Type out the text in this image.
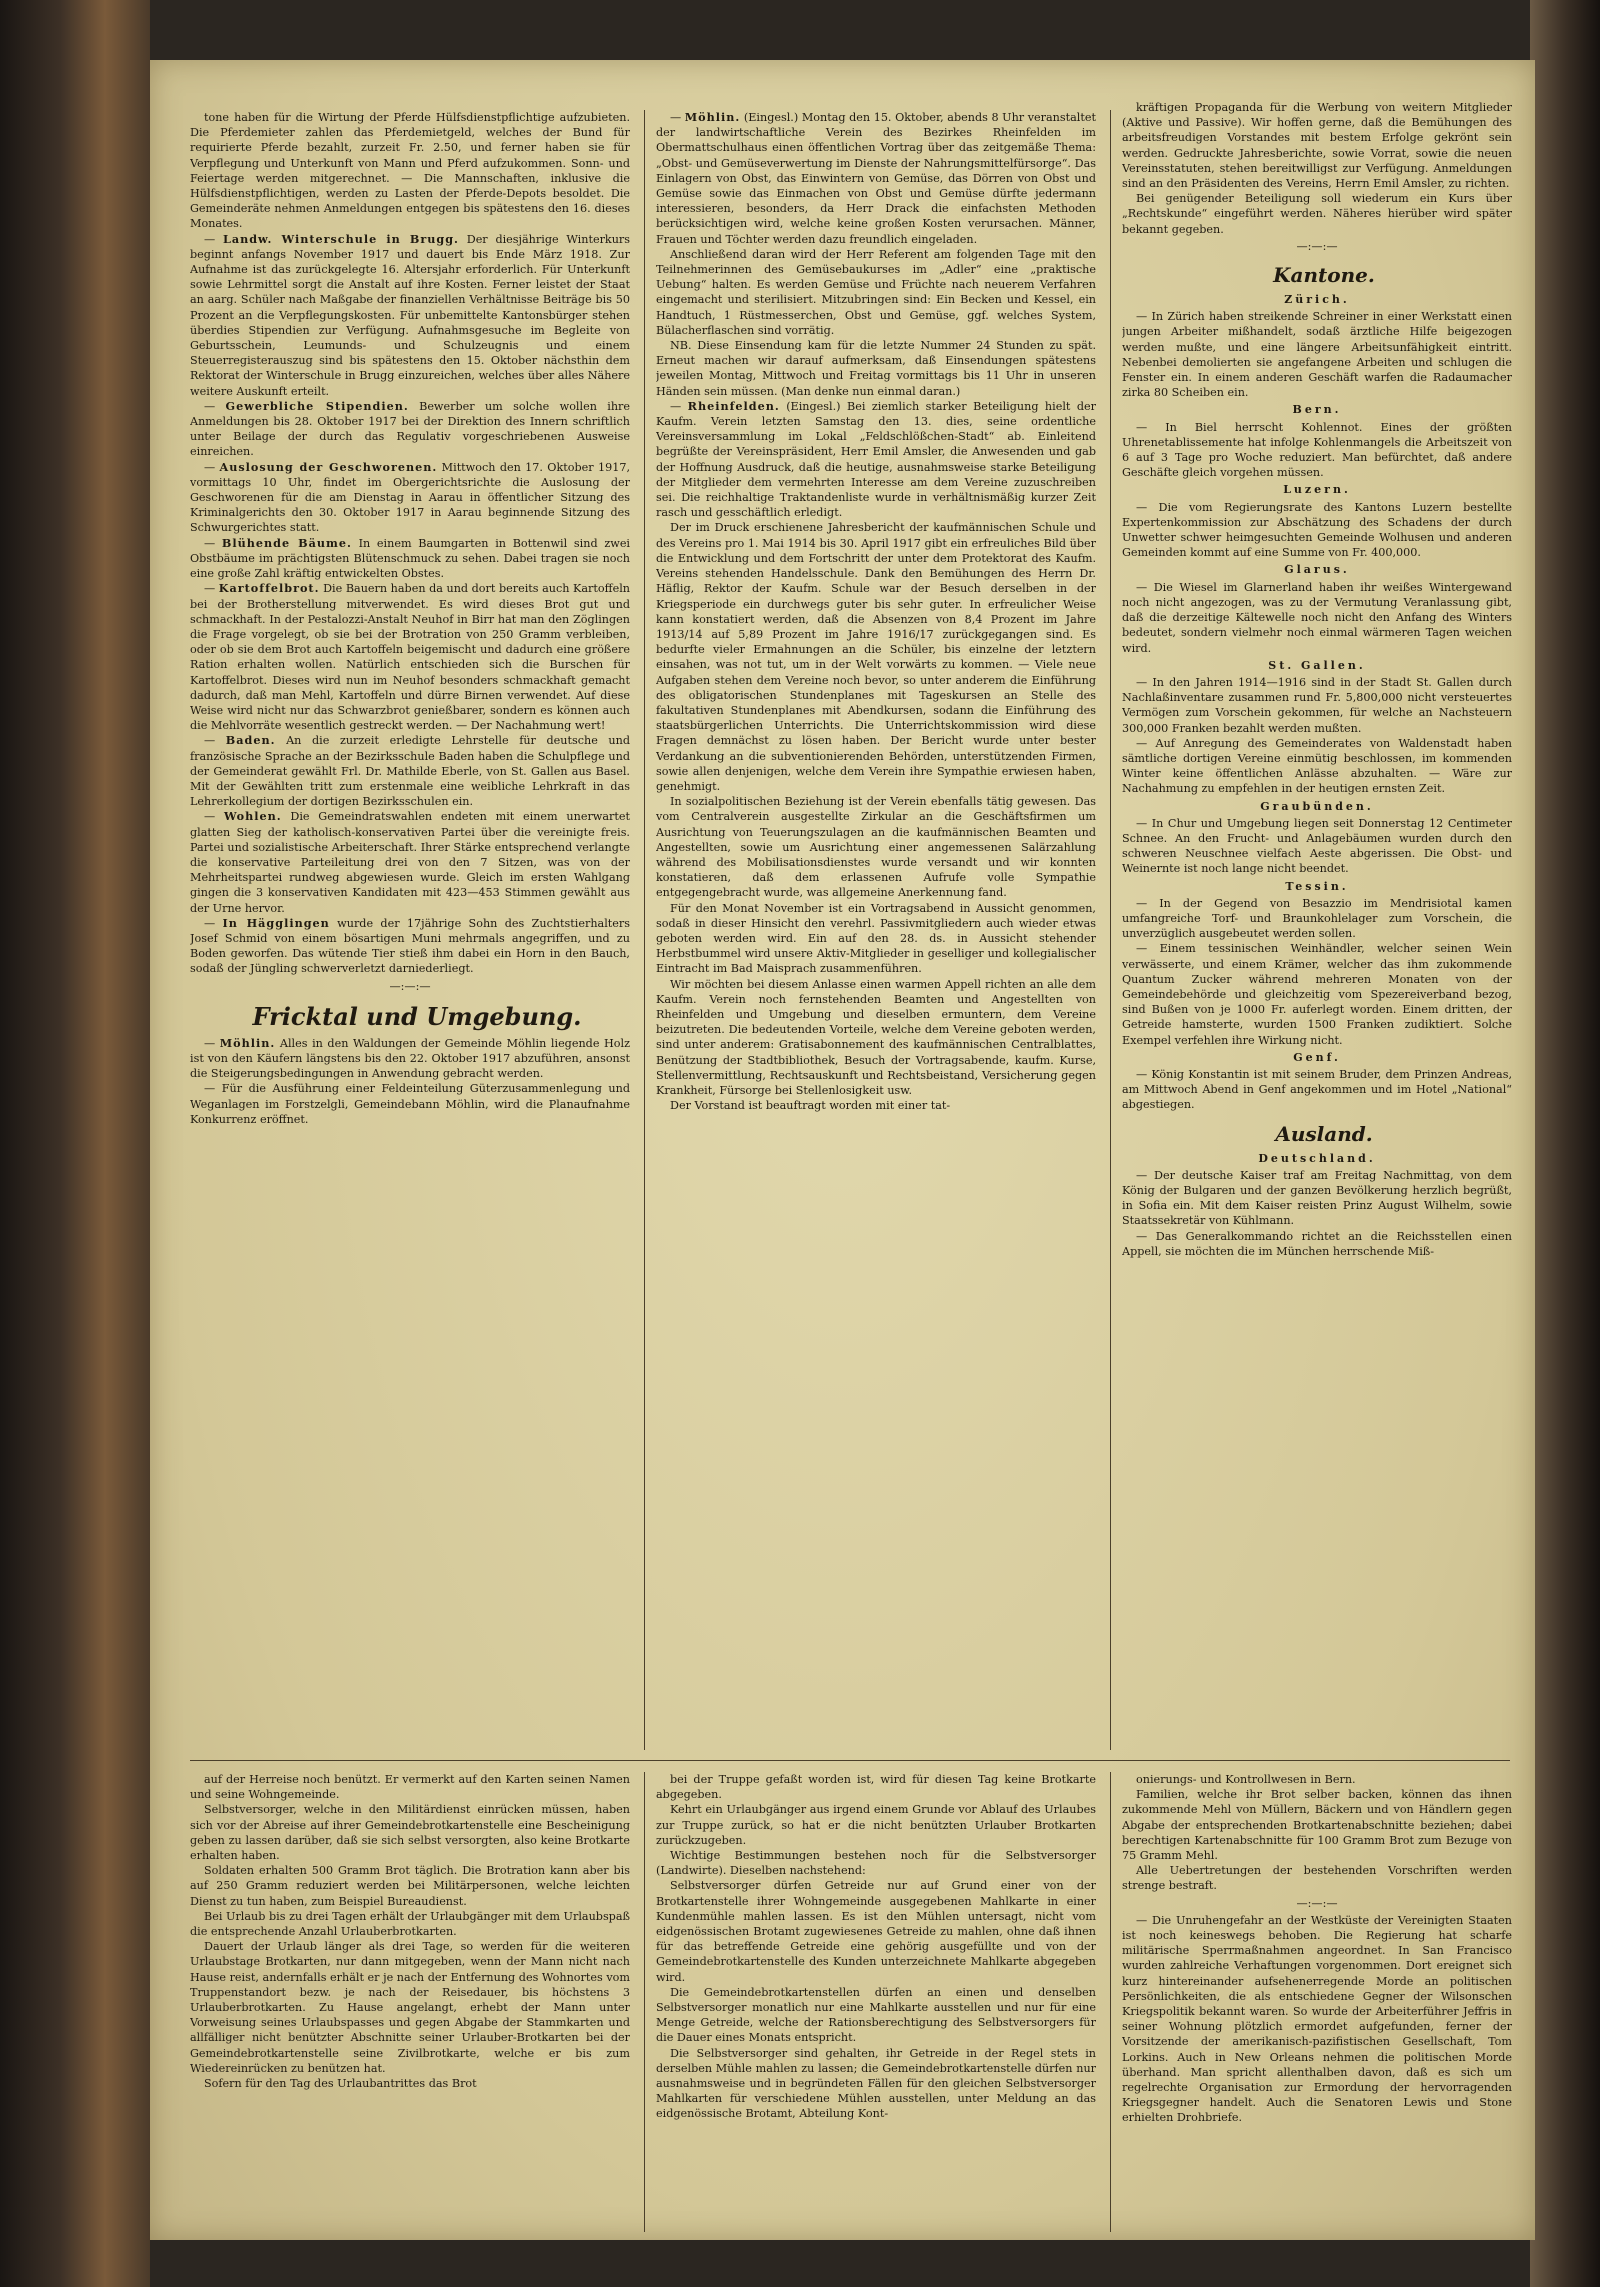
tone haben für die Wirtung der Pferde Hülfsdienstpflichtige aufzubieten. Die Pferdemieter zahlen das Pferdemietgeld, welches der Bund für requirierte Pferde bezahlt, zurzeit Fr. 2.50, und ferner haben sie für Verpflegung und Unterkunft von Mann und Pferd aufzukommen. Sonn- und Feiertage werden mitgerechnet. — Die Mannschaften, inklusive die Hülfsdienstpflichtigen, werden zu Lasten der Pferde-Depots besoldet. Die Gemeinderäte nehmen Anmeldungen entgegen bis spätestens den 16. dieses Monates.

— Landw. Winterschule in Brugg. Der diesjährige Winterkurs beginnt anfangs November 1917 und dauert bis Ende März 1918. Zur Aufnahme ist das zurückgelegte 16. Altersjahr erforderlich. Für Unterkunft sowie Lehrmittel sorgt die Anstalt auf ihre Kosten. Ferner leistet der Staat an aarg. Schüler nach Maßgabe der finanziellen Verhältnisse Beiträge bis 50 Prozent an die Verpflegungskosten. Für unbemittelte Kantonsbürger stehen überdies Stipendien zur Verfügung. Aufnahmsgesuche im Begleite von Geburtsschein, Leumunds- und Schulzeugnis und einem Steuerregisterauszug sind bis spätestens den 15. Oktober nächsthin dem Rektorat der Winterschule in Brugg einzureichen, welches über alles Nähere weitere Auskunft erteilt.

— Gewerbliche Stipendien. Bewerber um solche wollen ihre Anmeldungen bis 28. Oktober 1917 bei der Direktion des Innern schriftlich unter Beilage der durch das Regulativ vorgeschriebenen Ausweise einreichen.

— Auslosung der Geschworenen. Mittwoch den 17. Oktober 1917, vormittags 10 Uhr, findet im Obergerichtsrichte die Auslosung der Geschworenen für die am Dienstag in Aarau in öffentlicher Sitzung des Kriminalgerichts den 30. Oktober 1917 in Aarau beginnende Sitzung des Schwurgerichtes statt.

— Blühende Bäume. In einem Baumgarten in Bottenwil sind zwei Obstbäume im prächtigsten Blütenschmuck zu sehen. Dabei tragen sie noch eine große Zahl kräftig entwickelten Obstes.

— Kartoffelbrot. Die Bauern haben da und dort bereits auch Kartoffeln bei der Brotherstellung mitverwendet. Es wird dieses Brot gut und schmackhaft. In der Pestalozzi-Anstalt Neuhof in Birr hat man den Zöglingen die Frage vorgelegt, ob sie bei der Brotration von 250 Gramm verbleiben, oder ob sie dem Brot auch Kartoffeln beigemischt und dadurch eine größere Ration erhalten wollen. Natürlich entschieden sich die Burschen für Kartoffelbrot. Dieses wird nun im Neuhof besonders schmackhaft gemacht dadurch, daß man Mehl, Kartoffeln und dürre Birnen verwendet. Auf diese Weise wird nicht nur das Schwarzbrot genießbarer, sondern es können auch die Mehlvorräte wesentlich gestreckt werden. — Der Nachahmung wert!

— Baden. An die zurzeit erledigte Lehrstelle für deutsche und französische Sprache an der Bezirksschule Baden haben die Schulpflege und der Gemeinderat gewählt Frl. Dr. Mathilde Eberle, von St. Gallen aus Basel. Mit der Gewählten tritt zum erstenmale eine weibliche Lehrkraft in das Lehrerkollegium der dortigen Bezirksschulen ein.

— Wohlen. Die Gemeindratswahlen endeten mit einem unerwartet glatten Sieg der katholisch-konservativen Partei über die vereinigte freis. Partei und sozialistische Arbeiterschaft. Ihrer Stärke entsprechend verlangte die konservative Parteileitung drei von den 7 Sitzen, was von der Mehrheitspartei rundweg abgewiesen wurde. Gleich im ersten Wahlgang gingen die 3 konservativen Kandidaten mit 423—453 Stimmen gewählt aus der Urne hervor.

— In Hägglingen wurde der 17jährige Sohn des Zuchtstierhalters Josef Schmid von einem bösartigen Muni mehrmals angegriffen, und zu Boden geworfen. Das wütende Tier stieß ihm dabei ein Horn in den Bauch, sodaß der Jüngling schwerverletzt darniederliegt.

—:—:—

Fricktal und Umgebung.

— Möhlin. Alles in den Waldungen der Gemeinde Möhlin liegende Holz ist von den Käufern längstens bis den 22. Oktober 1917 abzuführen, ansonst die Steigerungsbedingungen in Anwendung gebracht werden.

— Für die Ausführung einer Feldeinteilung Güterzusammenlegung und Weganlagen im Forstzelgli, Gemeindebann Möhlin, wird die Planaufnahme Konkurrenz eröffnet.

— Möhlin. (Eingesl.) Montag den 15. Oktober, abends 8 Uhr veranstaltet der landwirtschaftliche Verein des Bezirkes Rheinfelden im Obermattschulhaus einen öffentlichen Vortrag über das zeitgemäße Thema: „Obst- und Gemüseverwertung im Dienste der Nahrungsmittelfürsorge“. Das Einlagern von Obst, das Einwintern von Gemüse, das Dörren von Obst und Gemüse sowie das Einmachen von Obst und Gemüse dürfte jedermann interessieren, besonders, da Herr Drack die einfachsten Methoden berücksichtigen wird, welche keine großen Kosten verursachen. Männer, Frauen und Töchter werden dazu freundlich eingeladen.

Anschließend daran wird der Herr Referent am folgenden Tage mit den Teilnehmerinnen des Gemüsebaukurses im „Adler“ eine „praktische Uebung“ halten. Es werden Gemüse und Früchte nach neuerem Verfahren eingemacht und sterilisiert. Mitzubringen sind: Ein Becken und Kessel, ein Handtuch, 1 Rüstmesserchen, Obst und Gemüse, ggf. welches System, Bülacherflaschen sind vorrätig.

NB. Diese Einsendung kam für die letzte Nummer 24 Stunden zu spät. Erneut machen wir darauf aufmerksam, daß Einsendungen spätestens jeweilen Montag, Mittwoch und Freitag vormittags bis 11 Uhr in unseren Händen sein müssen. (Man denke nun einmal daran.)

— Rheinfelden. (Eingesl.) Bei ziemlich starker Beteiligung hielt der Kaufm. Verein letzten Samstag den 13. dies, seine ordentliche Vereinsversammlung im Lokal „Feldschlößchen-Stadt“ ab. Einleitend begrüßte der Vereinspräsident, Herr Emil Amsler, die Anwesenden und gab der Hoffnung Ausdruck, daß die heutige, ausnahmsweise starke Beteiligung der Mitglieder dem vermehrten Interesse am dem Vereine zuzuschreiben sei. Die reichhaltige Traktandenliste wurde in verhältnismäßig kurzer Zeit rasch und gesschäftlich erledigt.

Der im Druck erschienene Jahresbericht der kaufmännischen Schule und des Vereins pro 1. Mai 1914 bis 30. April 1917 gibt ein erfreuliches Bild über die Entwicklung und dem Fortschritt der unter dem Protektorat des Kaufm. Vereins stehenden Handelsschule. Dank den Bemühungen des Herrn Dr. Häflig, Rektor der Kaufm. Schule war der Besuch derselben in der Kriegsperiode ein durchwegs guter bis sehr guter. In erfreulicher Weise kann konstatiert werden, daß die Absenzen von 8,4 Prozent im Jahre 1913/14 auf 5,89 Prozent im Jahre 1916/17 zurückgegangen sind. Es bedurfte vieler Ermahnungen an die Schüler, bis einzelne der letztern einsahen, was not tut, um in der Welt vorwärts zu kommen. — Viele neue Aufgaben stehen dem Vereine noch bevor, so unter anderem die Einführung des obligatorischen Stundenplanes mit Tageskursen an Stelle des fakultativen Stundenplanes mit Abendkursen, sodann die Einführung des staatsbürgerlichen Unterrichts. Die Unterrichtskommission wird diese Fragen demnächst zu lösen haben. Der Bericht wurde unter bester Verdankung an die subventionierenden Behörden, unterstützenden Firmen, sowie allen denjenigen, welche dem Verein ihre Sympathie erwiesen haben, genehmigt.

In sozialpolitischen Beziehung ist der Verein ebenfalls tätig gewesen. Das vom Centralverein ausgestellte Zirkular an die Geschäftsfirmen um Ausrichtung von Teuerungszulagen an die kaufmännischen Beamten und Angestellten, sowie um Ausrichtung einer angemessenen Salärzahlung während des Mobilisationsdienstes wurde versandt und wir konnten konstatieren, daß dem erlassenen Aufrufe volle Sympathie entgegengebracht wurde, was allgemeine Anerkennung fand.

Für den Monat November ist ein Vortragsabend in Aussicht genommen, sodaß in dieser Hinsicht den verehrl. Passivmitgliedern auch wieder etwas geboten werden wird. Ein auf den 28. ds. in Aussicht stehender Herbstbummel wird unsere Aktiv-Mitglieder in geselliger und kollegialischer Eintracht im Bad Maisprach zusammenführen.

Wir möchten bei diesem Anlasse einen warmen Appell richten an alle dem Kaufm. Verein noch fernstehenden Beamten und Angestellten von Rheinfelden und Umgebung und dieselben ermuntern, dem Vereine beizutreten. Die bedeutenden Vorteile, welche dem Vereine geboten werden, sind unter anderem: Gratisabonnement des kaufmännischen Centralblattes, Benützung der Stadtbibliothek, Besuch der Vortragsabende, kaufm. Kurse, Stellenvermittlung, Rechtsauskunft und Rechtsbeistand, Versicherung gegen Krankheit, Fürsorge bei Stellenlosigkeit usw.

Der Vorstand ist beauftragt worden mit einer tat-

kräftigen Propaganda für die Werbung von weitern Mitglieder (Aktive und Passive). Wir hoffen gerne, daß die Bemühungen des arbeitsfreudigen Vorstandes mit bestem Erfolge gekrönt sein werden. Gedruckte Jahresberichte, sowie Vorrat, sowie die neuen Vereinsstatuten, stehen bereitwilligst zur Verfügung. Anmeldungen sind an den Präsidenten des Vereins, Herrn Emil Amsler, zu richten.

Bei genügender Beteiligung soll wiederum ein Kurs über „Rechtskunde“ eingeführt werden. Näheres hierüber wird später bekannt gegeben.

—:—:—

Kantone.

Zürich.

— In Zürich haben streikende Schreiner in einer Werkstatt einen jungen Arbeiter mißhandelt, sodaß ärztliche Hilfe beigezogen werden mußte, und eine längere Arbeitsunfähigkeit eintritt. Nebenbei demolierten sie angefangene Arbeiten und schlugen die Fenster ein. In einem anderen Geschäft warfen die Radaumacher zirka 80 Scheiben ein.

Bern.

— In Biel herrscht Kohlennot. Eines der größten Uhrenetablissemente hat infolge Kohlenmangels die Arbeitszeit von 6 auf 3 Tage pro Woche reduziert. Man befürchtet, daß andere Geschäfte gleich vorgehen müssen.

Luzern.

— Die vom Regierungsrate des Kantons Luzern bestellte Expertenkommission zur Abschätzung des Schadens der durch Unwetter schwer heimgesuchten Gemeinde Wolhusen und anderen Gemeinden kommt auf eine Summe von Fr. 400,000.

Glarus.

— Die Wiesel im Glarnerland haben ihr weißes Wintergewand noch nicht angezogen, was zu der Vermutung Veranlassung gibt, daß die derzeitige Kältewelle noch nicht den Anfang des Winters bedeutet, sondern vielmehr noch einmal wärmeren Tagen weichen wird.

St. Gallen.

— In den Jahren 1914—1916 sind in der Stadt St. Gallen durch Nachlaßinventare zusammen rund Fr. 5,800,000 nicht versteuertes Vermögen zum Vorschein gekommen, für welche an Nachsteuern 300,000 Franken bezahlt werden mußten.

— Auf Anregung des Gemeinderates von Waldenstadt haben sämtliche dortigen Vereine einmütig beschlossen, im kommenden Winter keine öffentlichen Anlässe abzuhalten. — Wäre zur Nachahmung zu empfehlen in der heutigen ernsten Zeit.

Graubünden.

— In Chur und Umgebung liegen seit Donnerstag 12 Centimeter Schnee. An den Frucht- und Anlagebäumen wurden durch den schweren Neuschnee vielfach Aeste abgerissen. Die Obst- und Weinernte ist noch lange nicht beendet.

Tessin.

— In der Gegend von Besazzio im Mendrisiotal kamen umfangreiche Torf- und Braunkohlelager zum Vorschein, die unverzüglich ausgebeutet werden sollen.

— Einem tessinischen Weinhändler, welcher seinen Wein verwässerte, und einem Krämer, welcher das ihm zukommende Quantum Zucker während mehreren Monaten von der Gemeindebehörde und gleichzeitig vom Spezereiverband bezog, sind Bußen von je 1000 Fr. auferlegt worden. Einem dritten, der Getreide hamsterte, wurden 1500 Franken zudiktiert. Solche Exempel verfehlen ihre Wirkung nicht.

Genf.

— König Konstantin ist mit seinem Bruder, dem Prinzen Andreas, am Mittwoch Abend in Genf angekommen und im Hotel „National“ abgestiegen.

Ausland.

Deutschland.

— Der deutsche Kaiser traf am Freitag Nachmittag, von dem König der Bulgaren und der ganzen Bevölkerung herzlich begrüßt, in Sofia ein. Mit dem Kaiser reisten Prinz August Wilhelm, sowie Staatssekretär von Kühlmann.

— Das Generalkommando richtet an die Reichsstellen einen Appell, sie möchten die im München herrschende Miß-

auf der Herreise noch benützt. Er vermerkt auf den Karten seinen Namen und seine Wohngemeinde.

Selbstversorger, welche in den Militärdienst einrücken müssen, haben sich vor der Abreise auf ihrer Gemeindebrotkartenstelle eine Bescheinigung geben zu lassen darüber, daß sie sich selbst versorgten, also keine Brotkarte erhalten haben.

Soldaten erhalten 500 Gramm Brot täglich. Die Brotration kann aber bis auf 250 Gramm reduziert werden bei Militärpersonen, welche leichten Dienst zu tun haben, zum Beispiel Bureaudienst.

Bei Urlaub bis zu drei Tagen erhält der Urlaubgänger mit dem Urlaubspaß die entsprechende Anzahl Urlauberbrotkarten.

Dauert der Urlaub länger als drei Tage, so werden für die weiteren Urlaubstage Brotkarten, nur dann mitgegeben, wenn der Mann nicht nach Hause reist, andernfalls erhält er je nach der Entfernung des Wohnortes vom Truppenstandort bezw. je nach der Reisedauer, bis höchstens 3 Urlauberbrotkarten. Zu Hause angelangt, erhebt der Mann unter Vorweisung seines Urlaubspasses und gegen Abgabe der Stammkarten und allfälliger nicht benützter Abschnitte seiner Urlauber-Brotkarten bei der Gemeindebrotkartenstelle seine Zivilbrotkarte, welche er bis zum Wiedereinrücken zu benützen hat.

Sofern für den Tag des Urlaubantrittes das Brot

bei der Truppe gefaßt worden ist, wird für diesen Tag keine Brotkarte abgegeben.

Kehrt ein Urlaubgänger aus irgend einem Grunde vor Ablauf des Urlaubes zur Truppe zurück, so hat er die nicht benützten Urlauber Brotkarten zurückzugeben.

Wichtige Bestimmungen bestehen noch für die Selbstversorger (Landwirte). Dieselben nachstehend:

Selbstversorger dürfen Getreide nur auf Grund einer von der Brotkartenstelle ihrer Wohngemeinde ausgegebenen Mahlkarte in einer Kundenmühle mahlen lassen. Es ist den Mühlen untersagt, nicht vom eidgenössischen Brotamt zugewiesenes Getreide zu mahlen, ohne daß ihnen für das betreffende Getreide eine gehörig ausgefüllte und von der Gemeindebrotkartenstelle des Kunden unterzeichnete Mahlkarte abgegeben wird.

Die Gemeindebrotkartenstellen dürfen an einen und denselben Selbstversorger monatlich nur eine Mahlkarte ausstellen und nur für eine Menge Getreide, welche der Rationsberechtigung des Selbstversorgers für die Dauer eines Monats entspricht.

Die Selbstversorger sind gehalten, ihr Getreide in der Regel stets in derselben Mühle mahlen zu lassen; die Gemeindebrotkartenstelle dürfen nur ausnahmsweise und in begründeten Fällen für den gleichen Selbstversorger Mahlkarten für verschiedene Mühlen ausstellen, unter Meldung an das eidgenössische Brotamt, Abteilung Kont-

onierungs- und Kontrollwesen in Bern.

Familien, welche ihr Brot selber backen, können das ihnen zukommende Mehl von Müllern, Bäckern und von Händlern gegen Abgabe der entsprechenden Brotkartenabschnitte beziehen; dabei berechtigen Kartenabschnitte für 100 Gramm Brot zum Bezuge von 75 Gramm Mehl.

Alle Uebertretungen der bestehenden Vorschriften werden strenge bestraft.

—:—:—

— Die Unruhengefahr an der Westküste der Vereinigten Staaten ist noch keineswegs behoben. Die Regierung hat scharfe militärische Sperrmaßnahmen angeordnet. In San Francisco wurden zahlreiche Verhaftungen vorgenommen. Dort ereignet sich kurz hintereinander aufsehenerregende Morde an politischen Persönlichkeiten, die als entschiedene Gegner der Wilsonschen Kriegspolitik bekannt waren. So wurde der Arbeiterführer Jeffris in seiner Wohnung plötzlich ermordet aufgefunden, ferner der Vorsitzende der amerikanisch-pazifistischen Gesellschaft, Tom Lorkins. Auch in New Orleans nehmen die politischen Morde überhand. Man spricht allenthalben davon, daß es sich um regelrechte Organisation zur Ermordung der hervorragenden Kriegsgegner handelt. Auch die Senatoren Lewis und Stone erhielten Drohbriefe.
